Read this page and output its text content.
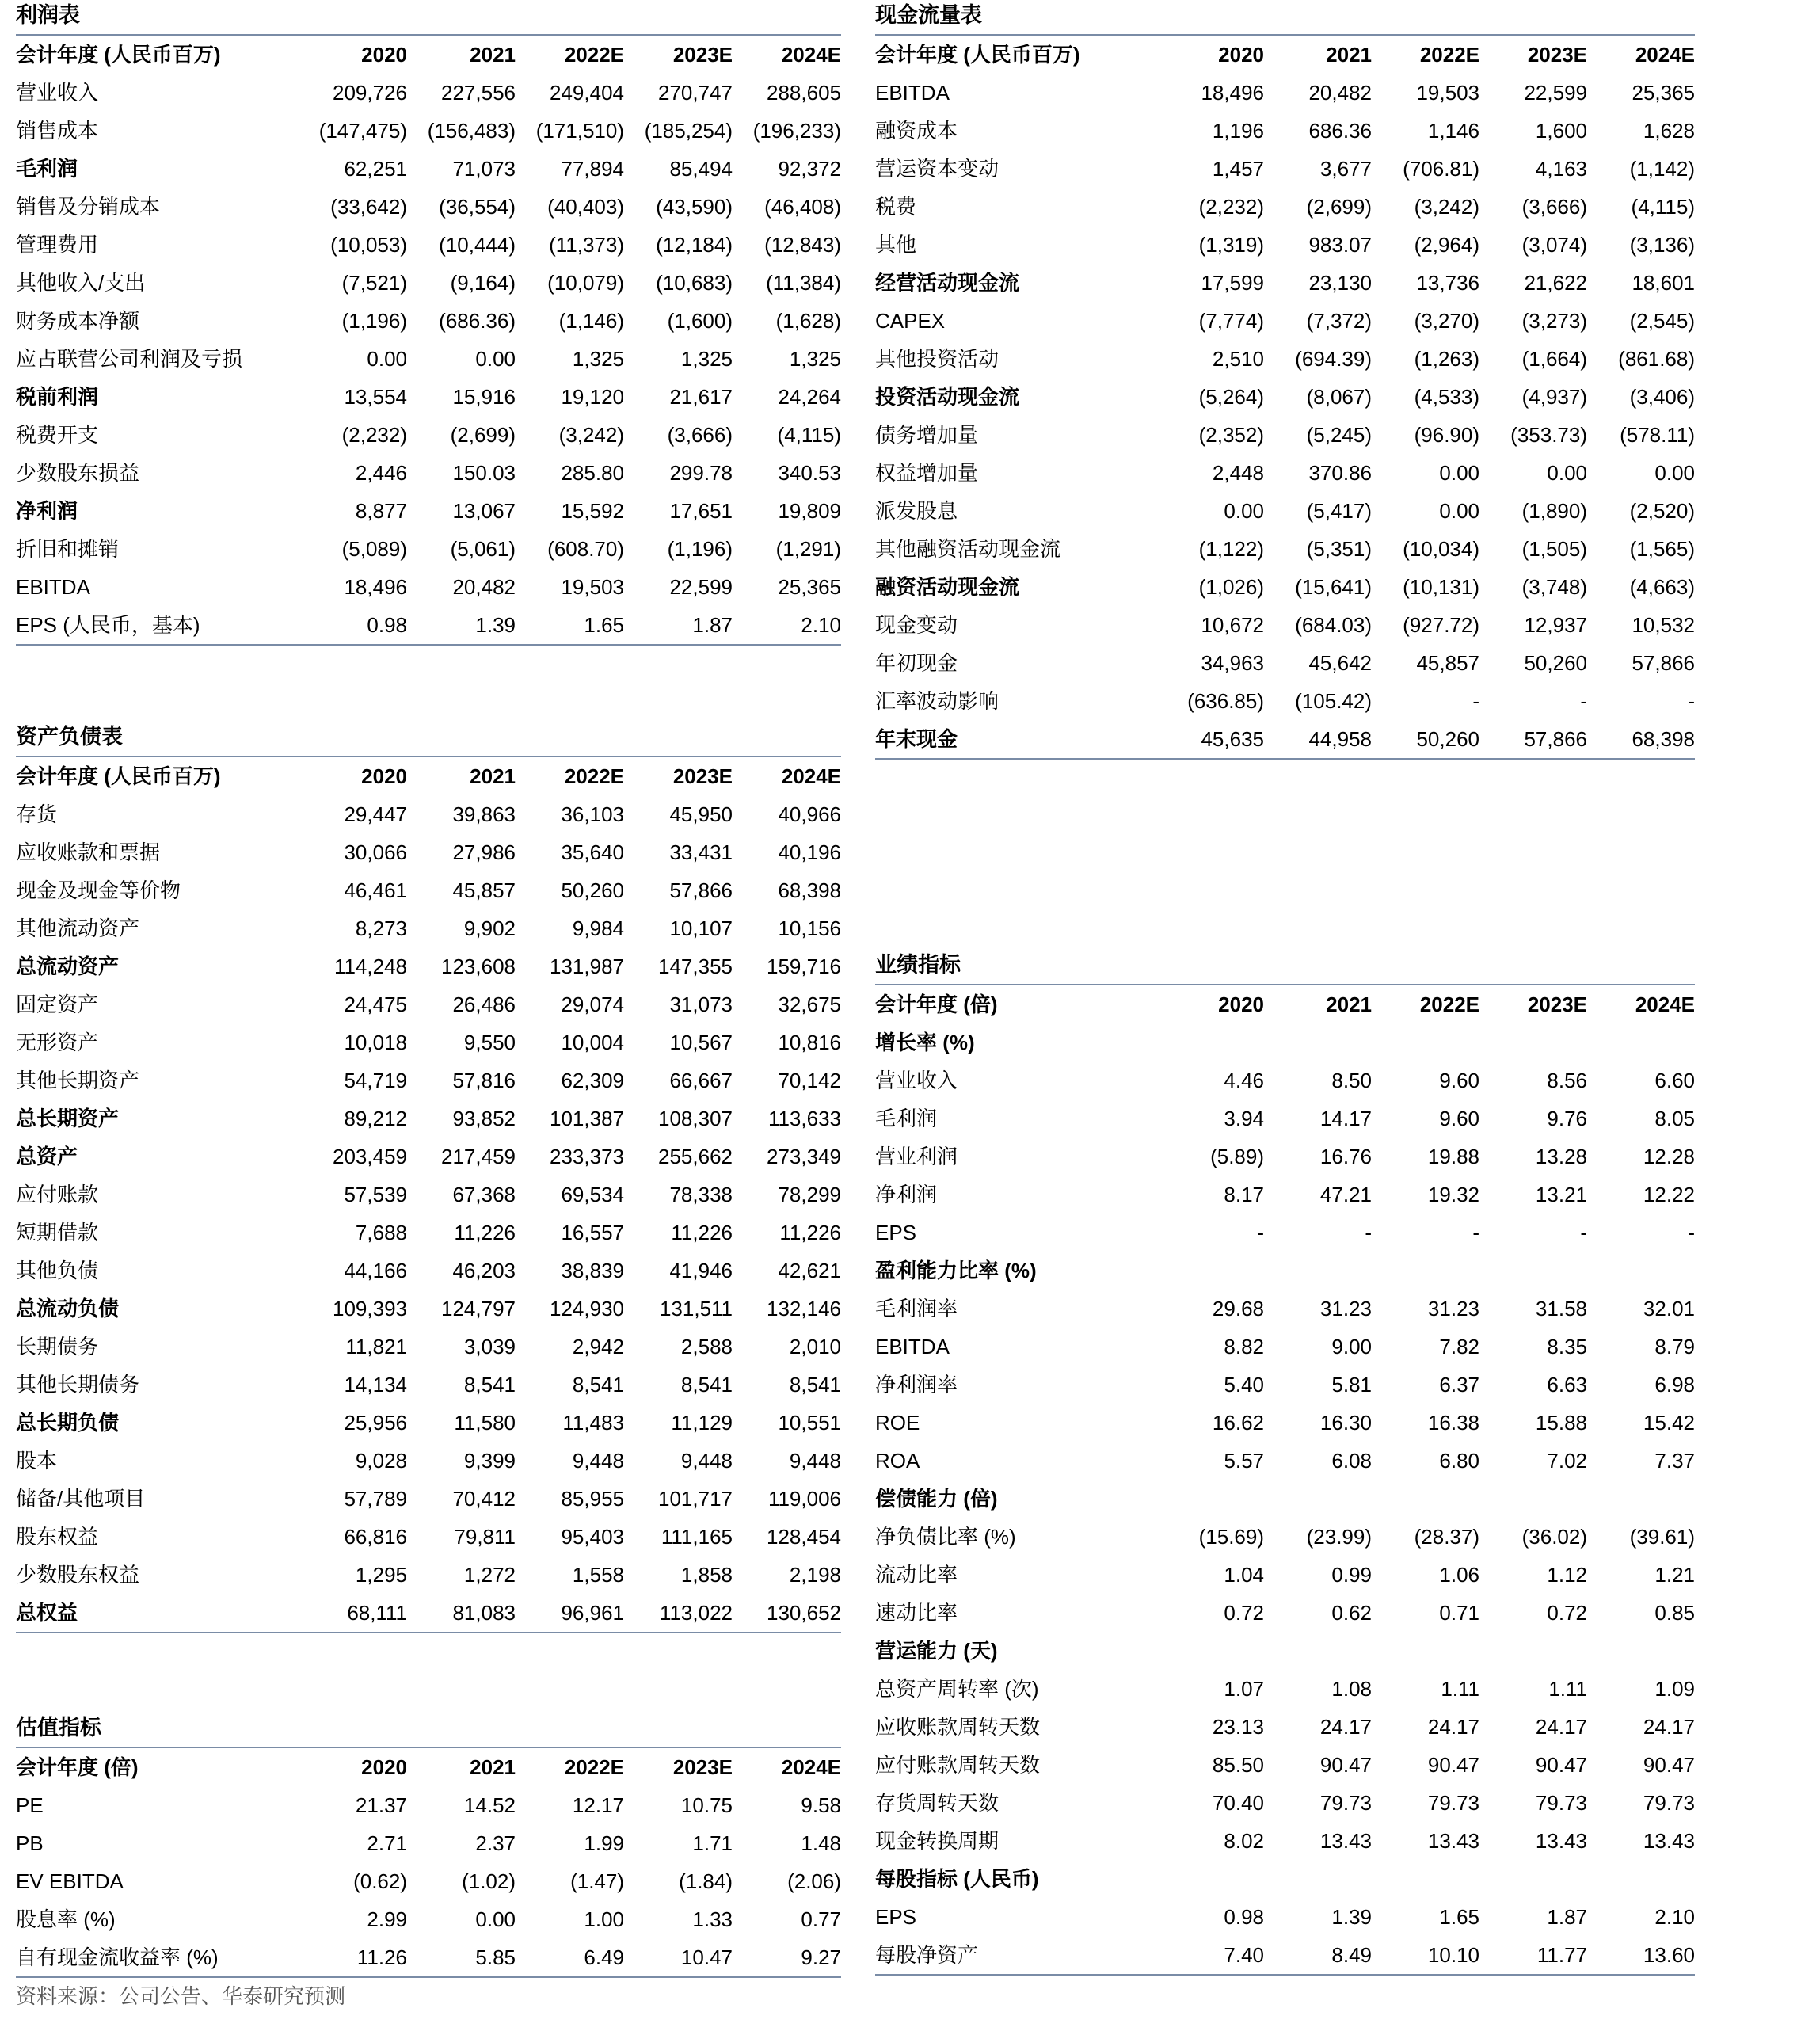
利润表
会计年度 (人民币百万)	2020	2021	2022E	2023E	2024E
营业收入	209,726	227,556	249,404	270,747	288,605
销售成本	(147,475)	(156,483)	(171,510)	(185,254)	(196,233)
毛利润	62,251	71,073	77,894	85,494	92,372
销售及分销成本	(33,642)	(36,554)	(40,403)	(43,590)	(46,408)
管理费用	(10,053)	(10,444)	(11,373)	(12,184)	(12,843)
其他收入/支出	(7,521)	(9,164)	(10,079)	(10,683)	(11,384)
财务成本净额	(1,196)	(686.36)	(1,146)	(1,600)	(1,628)
应占联营公司利润及亏损	0.00	0.00	1,325	1,325	1,325
税前利润	13,554	15,916	19,120	21,617	24,264
税费开支	(2,232)	(2,699)	(3,242)	(3,666)	(4,115)
少数股东损益	2,446	150.03	285.80	299.78	340.53
净利润	8,877	13,067	15,592	17,651	19,809
折旧和摊销	(5,089)	(5,061)	(608.70)	(1,196)	(1,291)
EBITDA	18,496	20,482	19,503	22,599	25,365
EPS (人民币，基本)	0.98	1.39	1.65	1.87	2.10
现金流量表
会计年度 (人民币百万)	2020	2021	2022E	2023E	2024E
EBITDA	18,496	20,482	19,503	22,599	25,365
融资成本	1,196	686.36	1,146	1,600	1,628
营运资本变动	1,457	3,677	(706.81)	4,163	(1,142)
税费	(2,232)	(2,699)	(3,242)	(3,666)	(4,115)
其他	(1,319)	983.07	(2,964)	(3,074)	(3,136)
经营活动现金流	17,599	23,130	13,736	21,622	18,601
CAPEX	(7,774)	(7,372)	(3,270)	(3,273)	(2,545)
其他投资活动	2,510	(694.39)	(1,263)	(1,664)	(861.68)
投资活动现金流	(5,264)	(8,067)	(4,533)	(4,937)	(3,406)
债务增加量	(2,352)	(5,245)	(96.90)	(353.73)	(578.11)
权益增加量	2,448	370.86	0.00	0.00	0.00
派发股息	0.00	(5,417)	0.00	(1,890)	(2,520)
其他融资活动现金流	(1,122)	(5,351)	(10,034)	(1,505)	(1,565)
融资活动现金流	(1,026)	(15,641)	(10,131)	(3,748)	(4,663)
现金变动	10,672	(684.03)	(927.72)	12,937	10,532
年初现金	34,963	45,642	45,857	50,260	57,866
汇率波动影响	(636.85)	(105.42)	-	-	-
年末现金	45,635	44,958	50,260	57,866	68,398
资产负债表
会计年度 (人民币百万)	2020	2021	2022E	2023E	2024E
存货	29,447	39,863	36,103	45,950	40,966
应收账款和票据	30,066	27,986	35,640	33,431	40,196
现金及现金等价物	46,461	45,857	50,260	57,866	68,398
其他流动资产	8,273	9,902	9,984	10,107	10,156
总流动资产	114,248	123,608	131,987	147,355	159,716
固定资产	24,475	26,486	29,074	31,073	32,675
无形资产	10,018	9,550	10,004	10,567	10,816
其他长期资产	54,719	57,816	62,309	66,667	70,142
总长期资产	89,212	93,852	101,387	108,307	113,633
总资产	203,459	217,459	233,373	255,662	273,349
应付账款	57,539	67,368	69,534	78,338	78,299
短期借款	7,688	11,226	16,557	11,226	11,226
其他负债	44,166	46,203	38,839	41,946	42,621
总流动负债	109,393	124,797	124,930	131,511	132,146
长期债务	11,821	3,039	2,942	2,588	2,010
其他长期债务	14,134	8,541	8,541	8,541	8,541
总长期负债	25,956	11,580	11,483	11,129	10,551
股本	9,028	9,399	9,448	9,448	9,448
储备/其他项目	57,789	70,412	85,955	101,717	119,006
股东权益	66,816	79,811	95,403	111,165	128,454
少数股东权益	1,295	1,272	1,558	1,858	2,198
总权益	68,111	81,083	96,961	113,022	130,652
业绩指标
会计年度 (倍)	2020	2021	2022E	2023E	2024E
增长率 (%)					
营业收入	4.46	8.50	9.60	8.56	6.60
毛利润	3.94	14.17	9.60	9.76	8.05
营业利润	(5.89)	16.76	19.88	13.28	12.28
净利润	8.17	47.21	19.32	13.21	12.22
EPS	-	-	-	-	-
盈利能力比率 (%)					
毛利润率	29.68	31.23	31.23	31.58	32.01
EBITDA	8.82	9.00	7.82	8.35	8.79
净利润率	5.40	5.81	6.37	6.63	6.98
ROE	16.62	16.30	16.38	15.88	15.42
ROA	5.57	6.08	6.80	7.02	7.37
偿债能力 (倍)					
净负债比率 (%)	(15.69)	(23.99)	(28.37)	(36.02)	(39.61)
流动比率	1.04	0.99	1.06	1.12	1.21
速动比率	0.72	0.62	0.71	0.72	0.85
营运能力 (天)					
总资产周转率 (次)	1.07	1.08	1.11	1.11	1.09
应收账款周转天数	23.13	24.17	24.17	24.17	24.17
应付账款周转天数	85.50	90.47	90.47	90.47	90.47
存货周转天数	70.40	79.73	79.73	79.73	79.73
现金转换周期	8.02	13.43	13.43	13.43	13.43
每股指标 (人民币)					
EPS	0.98	1.39	1.65	1.87	2.10
每股净资产	7.40	8.49	10.10	11.77	13.60
估值指标
会计年度 (倍)	2020	2021	2022E	2023E	2024E
PE	21.37	14.52	12.17	10.75	9.58
PB	2.71	2.37	1.99	1.71	1.48
EV EBITDA	(0.62)	(1.02)	(1.47)	(1.84)	(2.06)
股息率 (%)	2.99	0.00	1.00	1.33	0.77
自有现金流收益率 (%)	11.26	5.85	6.49	10.47	9.27
资料来源：公司公告、华泰研究预测
